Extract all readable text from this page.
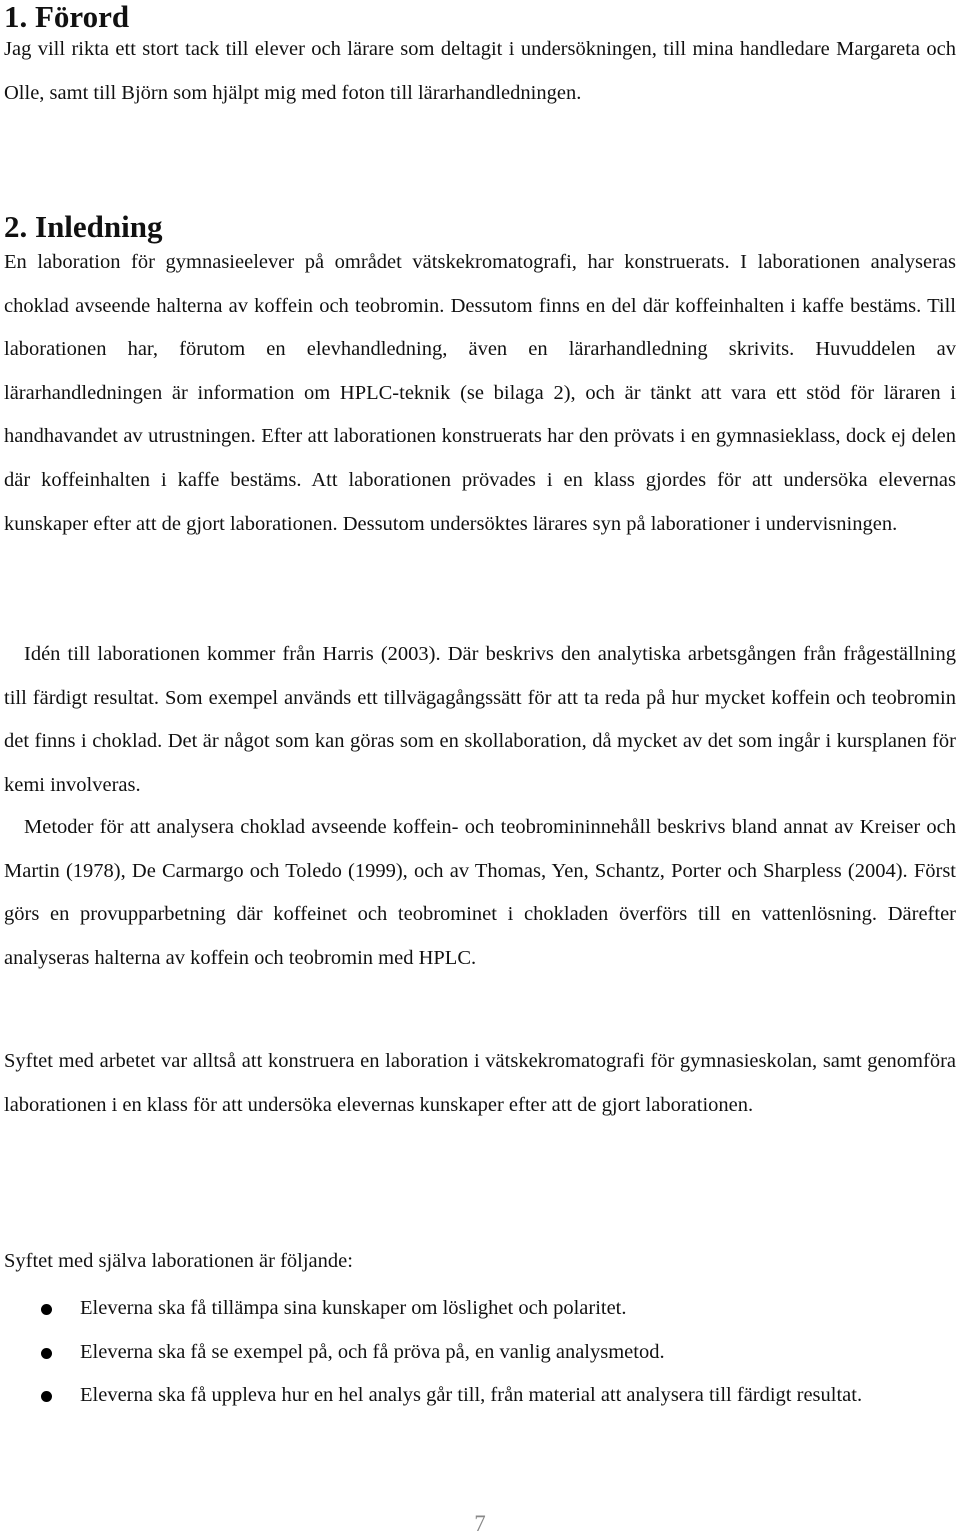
1. Förord

Jag vill rikta ett stort tack till elever och lärare som deltagit i undersökningen, till mina handledare Margareta och Olle, samt till Björn som hjälpt mig med foton till lärarhandledningen.

2. Inledning

En laboration för gymnasieelever på området vätskekromatografi, har konstruerats. I laborationen analyseras choklad avseende halterna av koffein och teobromin. Dessutom finns en del där koffeinhalten i kaffe bestäms. Till laborationen har, förutom en elevhandledning, även en lärarhandledning skrivits. Huvuddelen av lärarhandledningen är information om HPLC-teknik (se bilaga 2), och är tänkt att vara ett stöd för läraren i handhavandet av utrustningen. Efter att laborationen konstruerats har den prövats i en gymnasieklass, dock ej delen där koffeinhalten i kaffe bestäms. Att laborationen prövades i en klass gjordes för att undersöka elevernas kunskaper efter att de gjort laborationen. Dessutom undersöktes lärares syn på laborationer i undervisningen.

Idén till laborationen kommer från Harris (2003). Där beskrivs den analytiska arbetsgången från frågeställning till färdigt resultat. Som exempel används ett tillvägagångssätt för att ta reda på hur mycket koffein och teobromin det finns i choklad. Det är något som kan göras som en skollaboration, då mycket av det som ingår i kursplanen för kemi involveras.

Metoder för att analysera choklad avseende koffein- och teobromininnehåll beskrivs bland annat av Kreiser och Martin (1978), De Carmargo och Toledo (1999), och av Thomas, Yen, Schantz, Porter och Sharpless (2004). Först görs en provupparbetning där koffeinet och teobrominet i chokladen överförs till en vattenlösning. Därefter analyseras halterna av koffein och teobromin med HPLC.

Syftet med arbetet var alltså att konstruera en laboration i vätskekromatografi för gymnasieskolan, samt genomföra laborationen i en klass för att undersöka elevernas kunskaper efter att de gjort laborationen.

Syftet med själva laborationen är följande:

Eleverna ska få tillämpa sina kunskaper om löslighet och polaritet.
Eleverna ska få se exempel på, och få pröva på, en vanlig analysmetod.
Eleverna ska få uppleva hur en hel analys går till, från material att analysera till färdigt resultat.
7
